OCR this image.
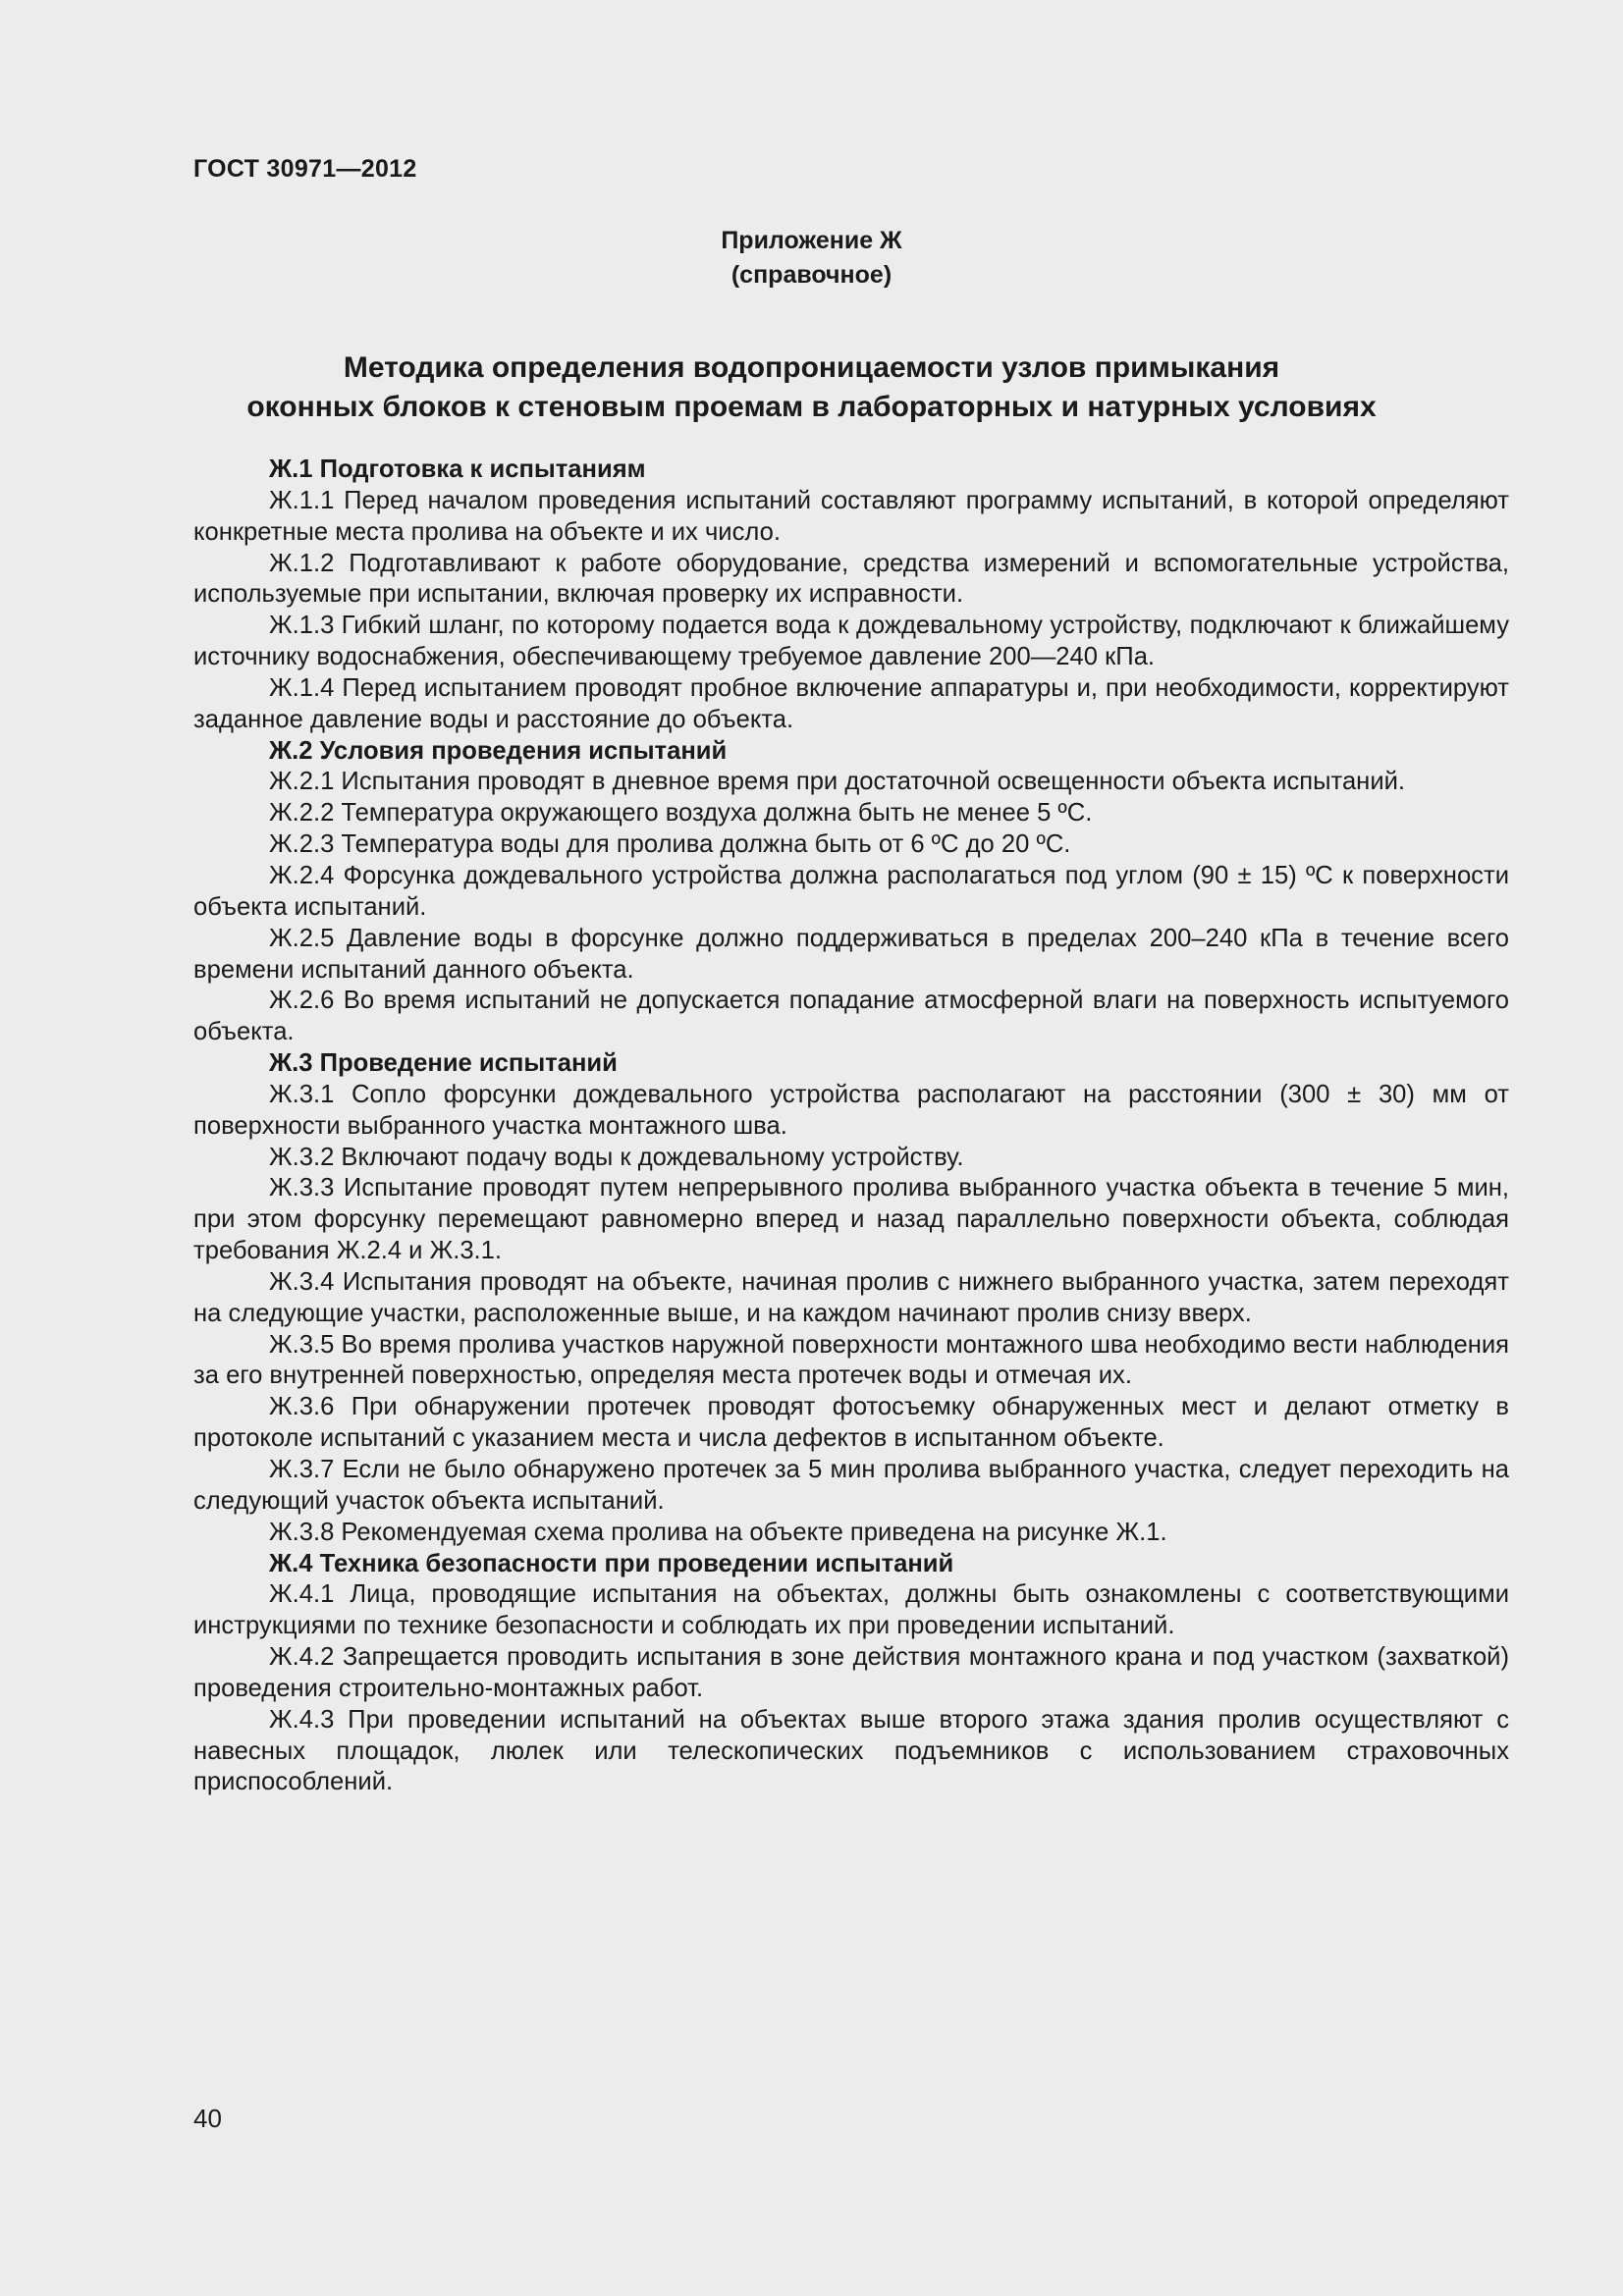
ГОСТ 30971—2012
Приложение Ж
(справочное)
Методика определения водопроницаемости узлов примыкания
оконных блоков к стеновым проемам в лабораторных и натурных условиях

Ж.1 Подготовка к испытаниям

Ж.1.1 Перед началом проведения испытаний составляют программу испытаний, в которой определяют конкретные места пролива на объекте и их число.

Ж.1.2 Подготавливают к работе оборудование, средства измерений и вспомогательные устройства, используемые при испытании, включая проверку их исправности.

Ж.1.3 Гибкий шланг, по которому подается вода к дождевальному устройству, подключают к ближайшему источнику водоснабжения, обеспечивающему требуемое давление 200—240 кПа.

Ж.1.4 Перед испытанием проводят пробное включение аппаратуры и, при необходимости, корректируют заданное давление воды и расстояние до объекта.

Ж.2 Условия проведения испытаний

Ж.2.1 Испытания проводят в дневное время при достаточной освещенности объекта испытаний.

Ж.2.2 Температура окружающего воздуха должна быть не менее 5 ºС.

Ж.2.3 Температура воды для пролива должна быть от 6 ºС до 20 ºС.

Ж.2.4 Форсунка дождевального устройства должна располагаться под углом (90 ± 15) ºС к поверхности объекта испытаний.

Ж.2.5 Давление воды в форсунке должно поддерживаться в пределах 200–240 кПа в течение всего времени испытаний данного объекта.

Ж.2.6 Во время испытаний не допускается попадание атмосферной влаги на поверхность испытуемого объекта.

Ж.3 Проведение испытаний

Ж.3.1 Сопло форсунки дождевального устройства располагают на расстоянии (300 ± 30) мм от поверхности выбранного участка монтажного шва.

Ж.3.2 Включают подачу воды к дождевальному устройству.

Ж.3.3 Испытание проводят путем непрерывного пролива выбранного участка объекта в течение 5 мин, при этом форсунку перемещают равномерно вперед и назад параллельно поверхности объекта, соблюдая требования Ж.2.4 и Ж.3.1.

Ж.3.4 Испытания проводят на объекте, начиная пролив с нижнего выбранного участка, затем переходят на следующие участки, расположенные выше, и на каждом начинают пролив снизу вверх.

Ж.3.5 Во время пролива участков наружной поверхности монтажного шва необходимо вести наблюдения за его внутренней поверхностью, определяя места протечек воды и отмечая их.

Ж.3.6 При обнаружении протечек проводят фотосъемку обнаруженных мест и делают отметку в протоколе испытаний с указанием места и числа дефектов в испытанном объекте.

Ж.3.7 Если не было обнаружено протечек за 5 мин пролива выбранного участка, следует переходить на следующий участок объекта испытаний.

Ж.3.8 Рекомендуемая схема пролива на объекте приведена на рисунке Ж.1.

Ж.4 Техника безопасности при проведении испытаний

Ж.4.1 Лица, проводящие испытания на объектах, должны быть ознакомлены с соответствующими инструкциями по технике безопасности и соблюдать их при проведении испытаний.

Ж.4.2 Запрещается проводить испытания в зоне действия монтажного крана и под участком (захваткой) проведения строительно-монтажных работ.

Ж.4.3 При проведении испытаний на объектах выше второго этажа здания пролив осуществляют с навесных площадок, люлек или телескопических подъемников с использованием страховочных приспособлений.

40
